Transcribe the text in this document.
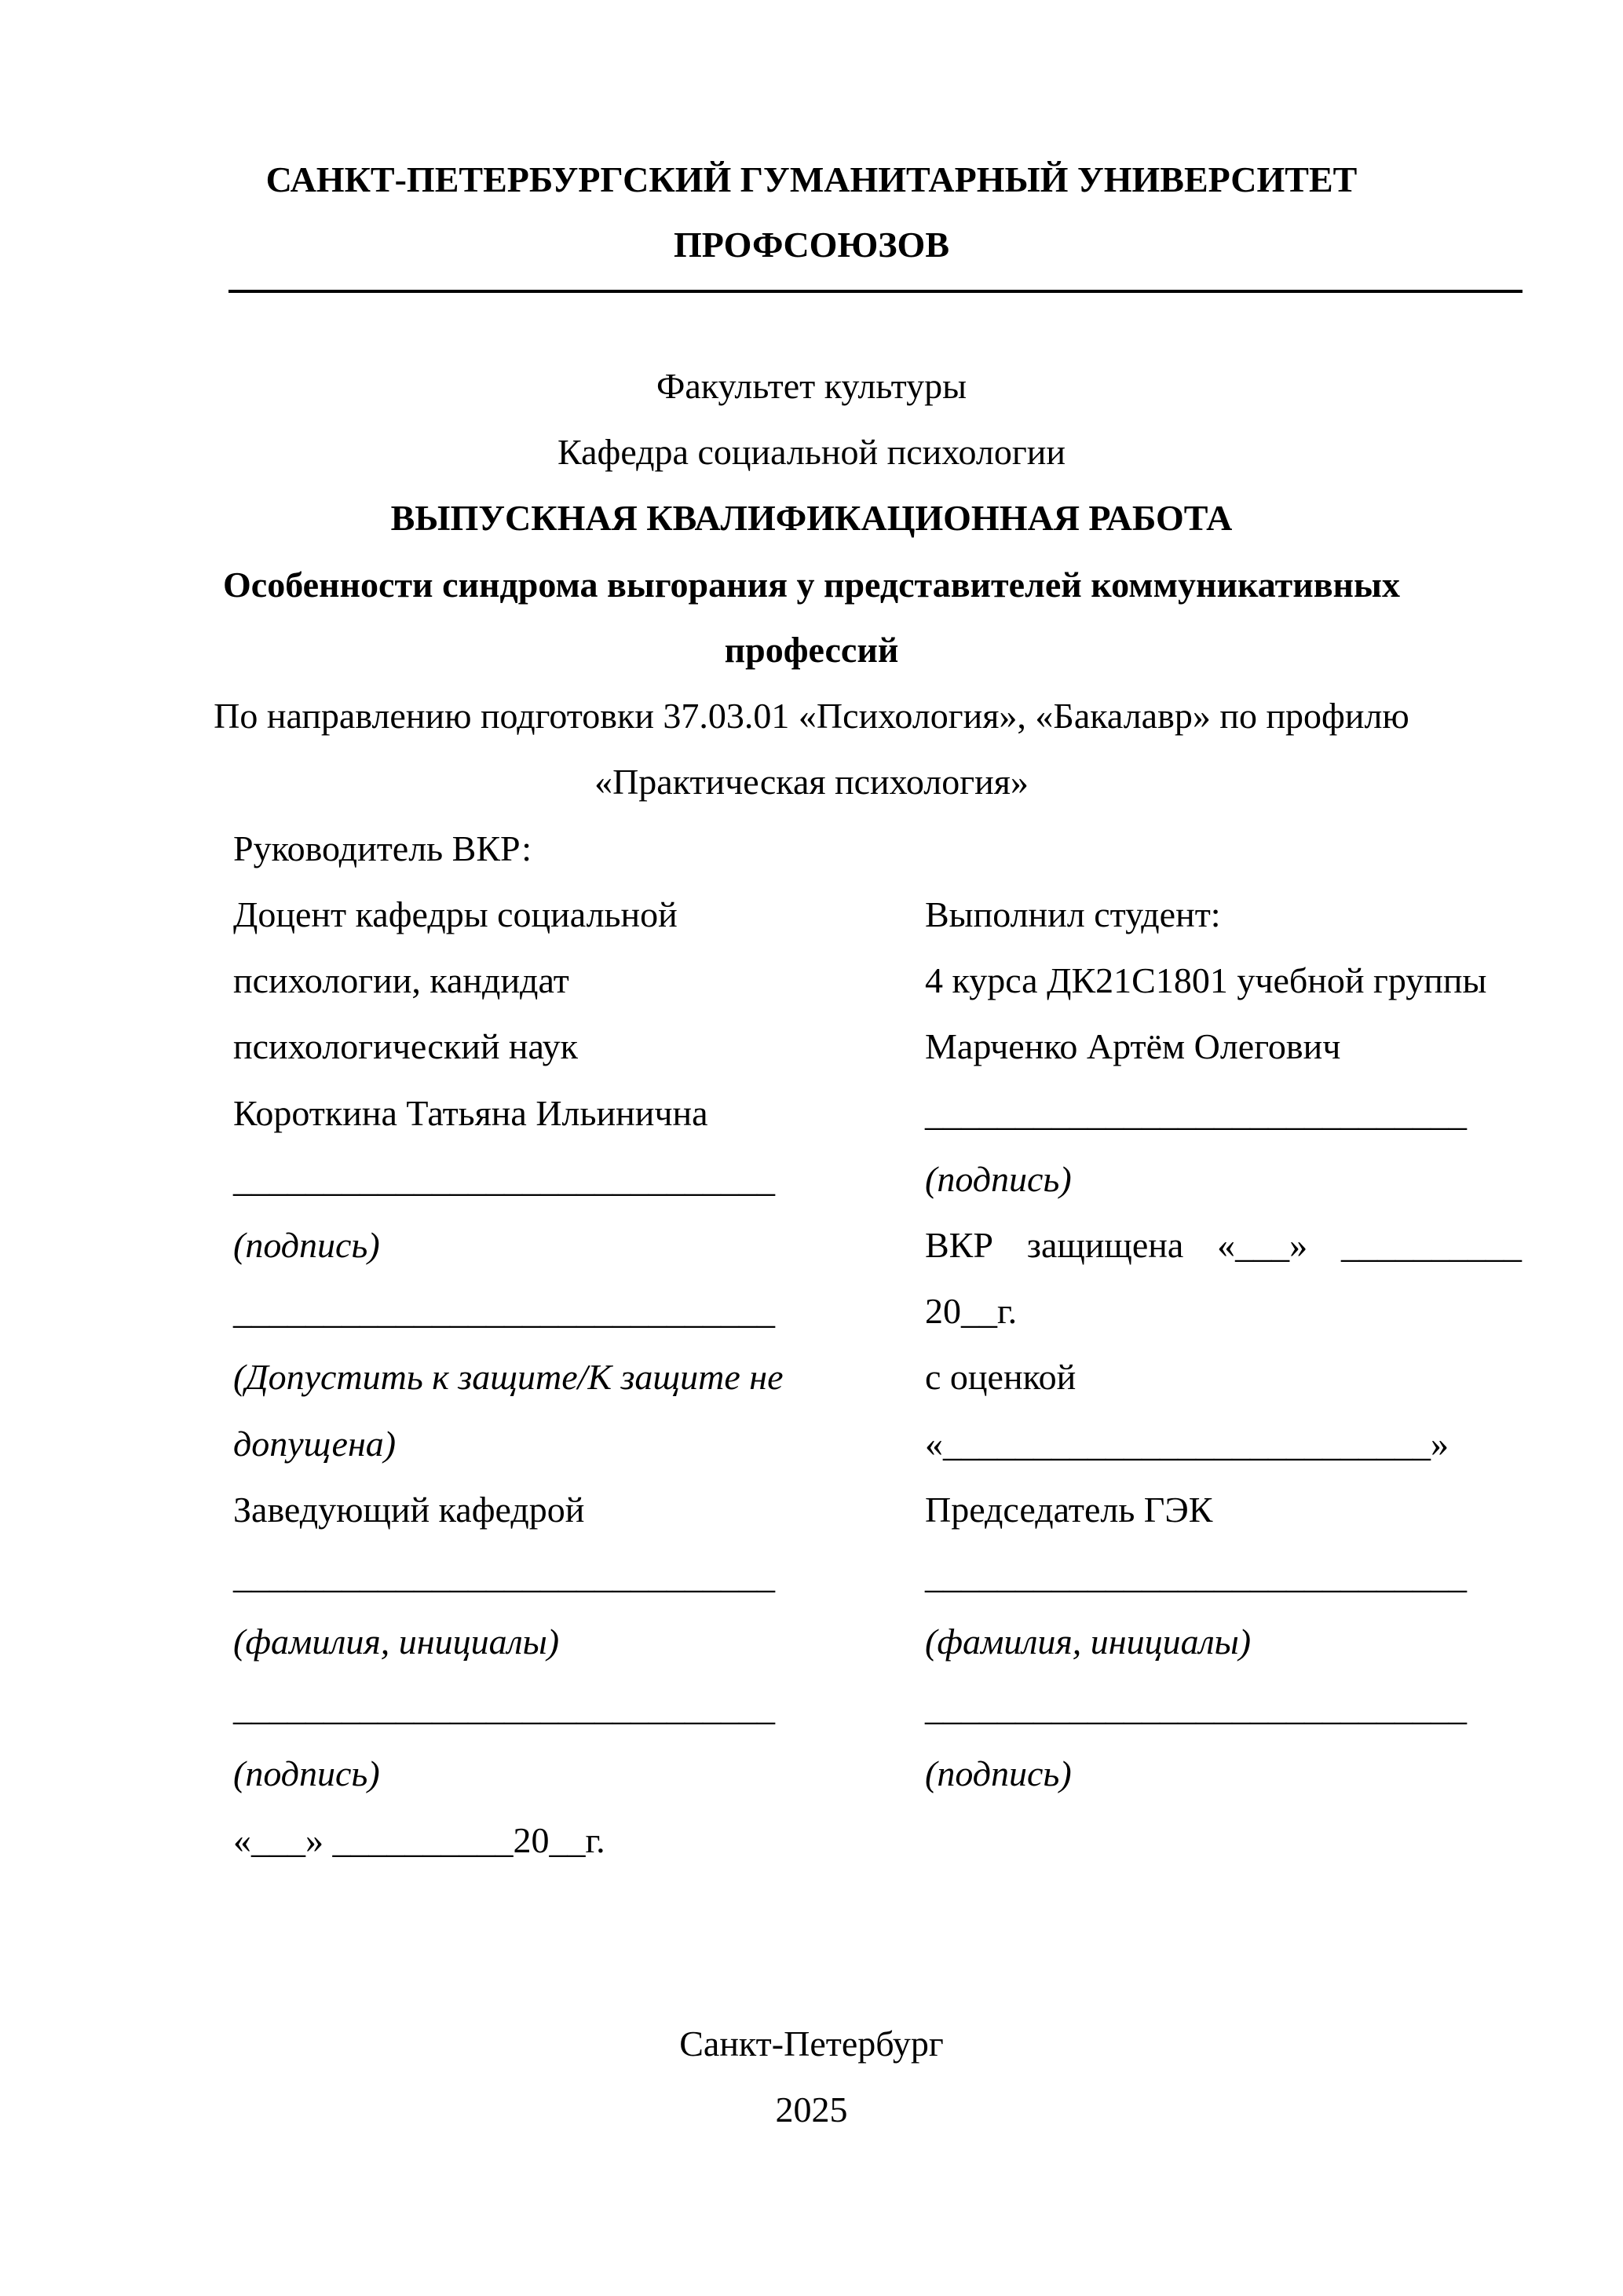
САНКТ-ПЕТЕРБУРГСКИЙ ГУМАНИТАРНЫЙ УНИВЕРСИТЕТ
ПРОФСОЮЗОВ
Факультет культуры
Кафедра социальной психологии
ВЫПУСКНАЯ КВАЛИФИКАЦИОННАЯ РАБОТА
Особенности синдрома выгорания у представителей коммуникативных
профессий
По направлению подготовки 37.03.01 «Психология», «Бакалавр» по профилю
«Практическая психология»
Руководитель ВКР:
Доцент кафедры социальной
психологии, кандидат
психологический наук
Короткина Татьяна Ильинична
______________________________
(подпись)
______________________________
(Допустить к защите/К защите не
допущена)
Заведующий кафедрой
______________________________
(фамилия, инициалы)
______________________________
(подпись)
«___» __________20__г.
Выполнил студент:
4 курса ДК21С1801 учебной группы
Марченко Артём Олегович
______________________________
(подпись)
ВКР защищена «___» __________
20__г.
с оценкой
«___________________________»
Председатель ГЭК
______________________________
(фамилия, инициалы)
______________________________
(подпись)
Санкт-Петербург
2025
